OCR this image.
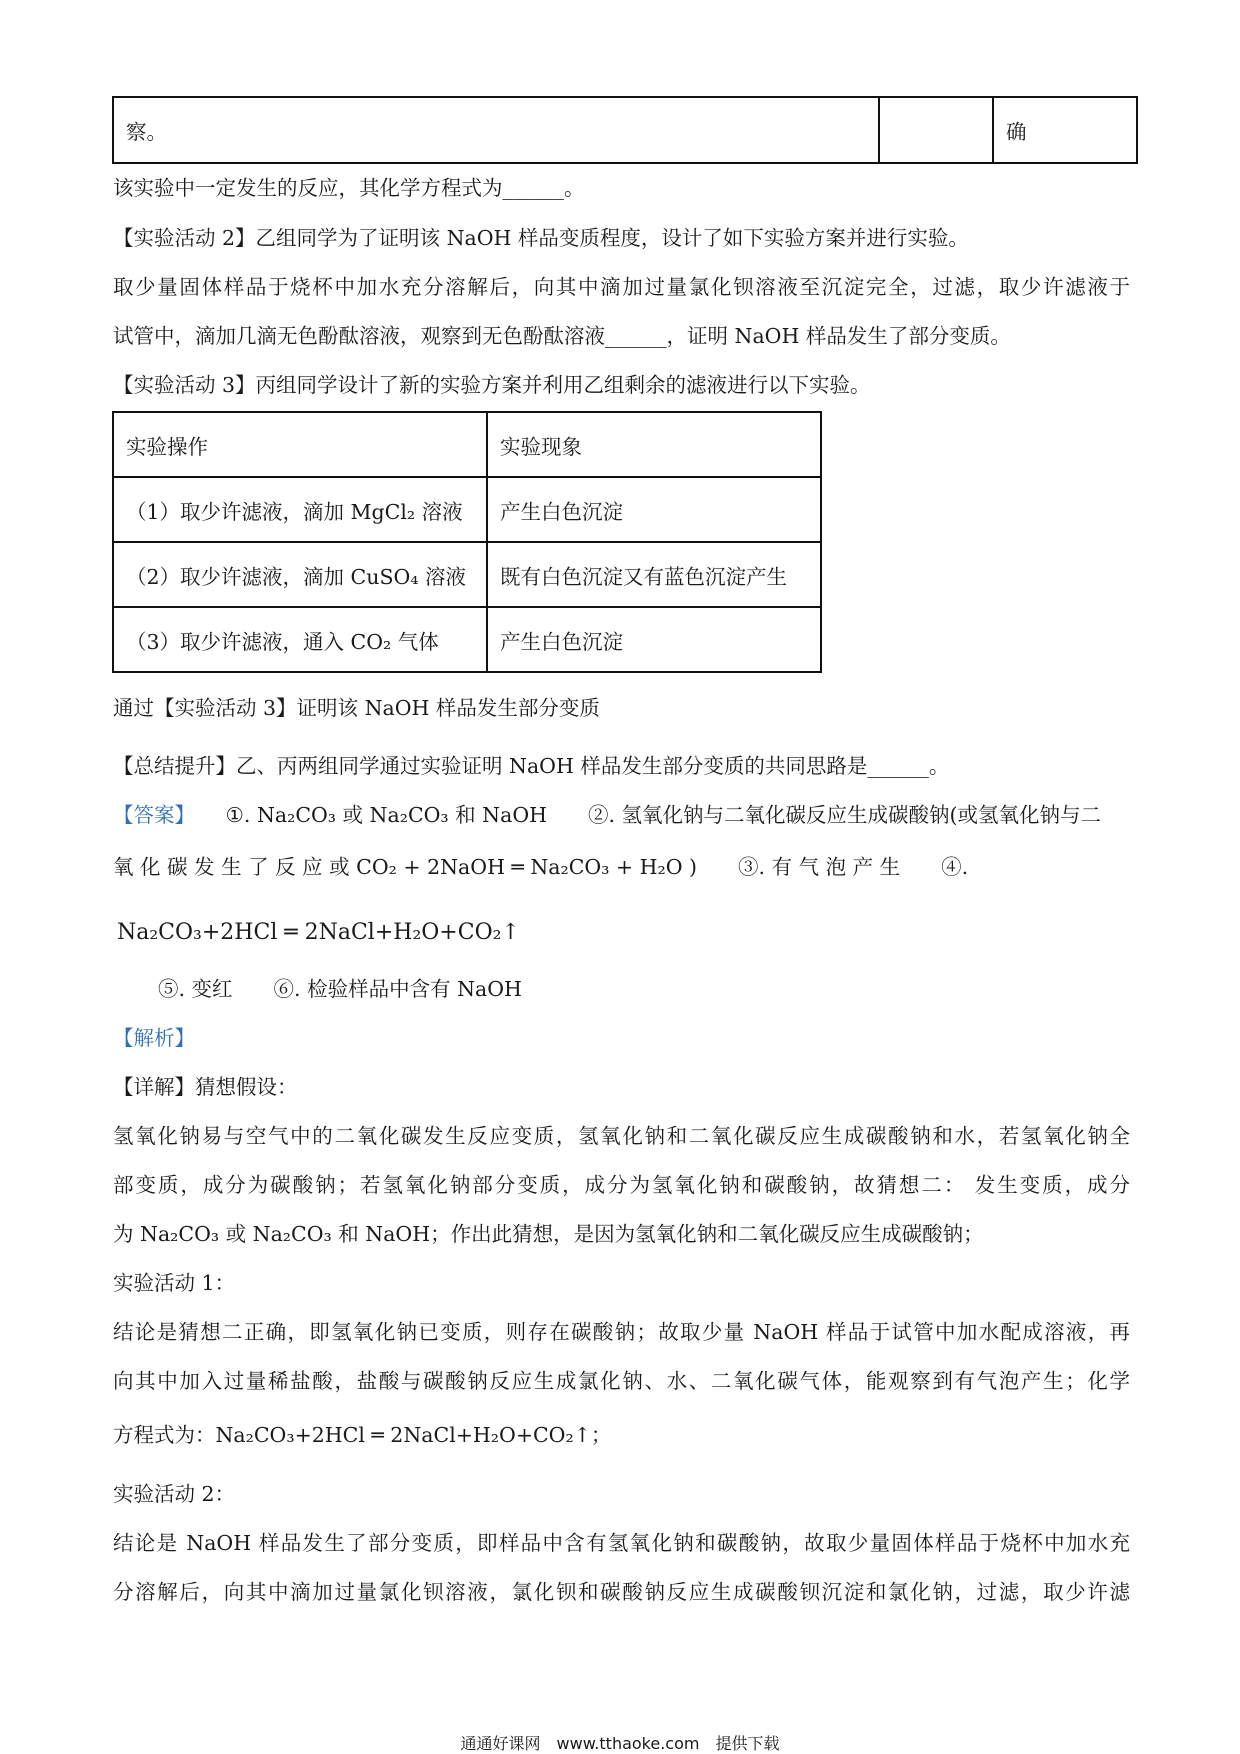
察。		确
该实验中一定发生的反应，其化学方程式为______。
【实验活动 2】乙组同学为了证明该 NaOH 样品变质程度，设计了如下实验方案并进行实验。
取少量固体样品于烧杯中加水充分溶解后，向其中滴加过量氯化钡溶液至沉淀完全，过滤，取少许滤液于
试管中，滴加几滴无色酚酞溶液，观察到无色酚酞溶液______，证明 NaOH 样品发生了部分变质。
【实验活动 3】丙组同学设计了新的实验方案并利用乙组剩余的滤液进行以下实验。
实验操作	实验现象
（1）取少许滤液，滴加 MgCl₂ 溶液	产生白色沉淀
（2）取少许滤液，滴加 CuSO₄ 溶液	既有白色沉淀又有蓝色沉淀产生
（3）取少许滤液，通入 CO₂ 气体	产生白色沉淀
通过【实验活动 3】证明该 NaOH 样品发生部分变质
【总结提升】乙、丙两组同学通过实验证明 NaOH 样品发生部分变质的共同思路是______。
【答案】 ①. Na₂CO₃ 或 Na₂CO₃ 和 NaOH　　②. 氢氧化钠与二氧化碳反应生成碳酸钠(或氢氧化钠与二
氧 化 碳 发 生 了 反 应 或 CO₂ + 2NaOH ═ Na₂CO₃ + H₂O )　　③. 有 气 泡 产 生　　④.
Na₂CO₃+2HCl ═ 2NaCl+H₂O+CO₂↑
⑤. 变红　　⑥. 检验样品中含有 NaOH
【解析】
【详解】猜想假设：
氢氧化钠易与空气中的二氧化碳发生反应变质，氢氧化钠和二氧化碳反应生成碳酸钠和水，若氢氧化钠全
部变质，成分为碳酸钠；若氢氧化钠部分变质，成分为氢氧化钠和碳酸钠，故猜想二： 发生变质，成分
为 Na₂CO₃ 或 Na₂CO₃ 和 NaOH；作出此猜想，是因为氢氧化钠和二氧化碳反应生成碳酸钠；
实验活动 1：
结论是猜想二正确，即氢氧化钠已变质，则存在碳酸钠；故取少量 NaOH 样品于试管中加水配成溶液，再
向其中加入过量稀盐酸，盐酸与碳酸钠反应生成氯化钠、水、二氧化碳气体，能观察到有气泡产生；化学
方程式为：Na₂CO₃+2HCl ═ 2NaCl+H₂O+CO₂↑；
实验活动 2：
结论是 NaOH 样品发生了部分变质，即样品中含有氢氧化钠和碳酸钠，故取少量固体样品于烧杯中加水充
分溶解后，向其中滴加过量氯化钡溶液，氯化钡和碳酸钠反应生成碳酸钡沉淀和氯化钠，过滤，取少许滤
通通好课网　www.tthaoke.com　提供下载
